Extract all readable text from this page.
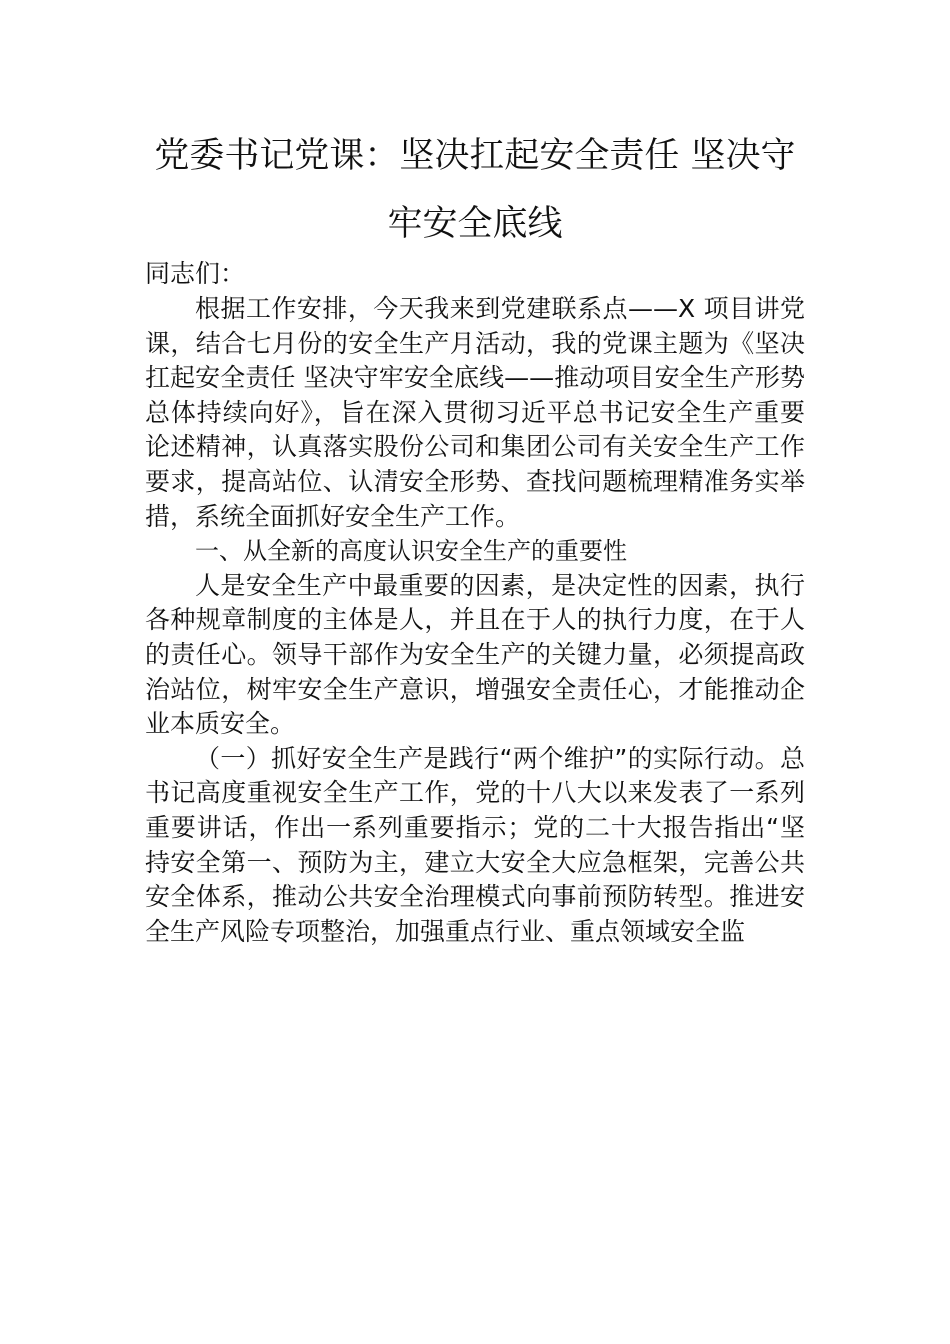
党委书记党课：坚决扛起安全责任 坚决守
牢安全底线
同志们：

根据工作安排，今天我来到党建联系点——X 项目讲党课，结合七月份的安全生产月活动，我的党课主题为《坚决扛起安全责任 坚决守牢安全底线——推动项目安全生产形势总体持续向好》，旨在深入贯彻习近平总书记安全生产重要论述精神，认真落实股份公司和集团公司有关安全生产工作要求，提高站位、认清安全形势、查找问题梳理精准务实举措，系统全面抓好安全生产工作。

一、从全新的高度认识安全生产的重要性

人是安全生产中最重要的因素，是决定性的因素，执行各种规章制度的主体是人，并且在于人的执行力度，在于人的责任心。领导干部作为安全生产的关键力量，必须提高政治站位，树牢安全生产意识，增强安全责任心，才能推动企业本质安全。

（一）抓好安全生产是践行“两个维护”的实际行动。总书记高度重视安全生产工作，党的十八大以来发表了一系列重要讲话，作出一系列重要指示；党的二十大报告指出“坚持安全第一、预防为主，建立大安全大应急框架，完善公共安全体系，推动公共安全治理模式向事前预防转型。推进安全生产风险专项整治，加强重点行业、重点领域安全监
